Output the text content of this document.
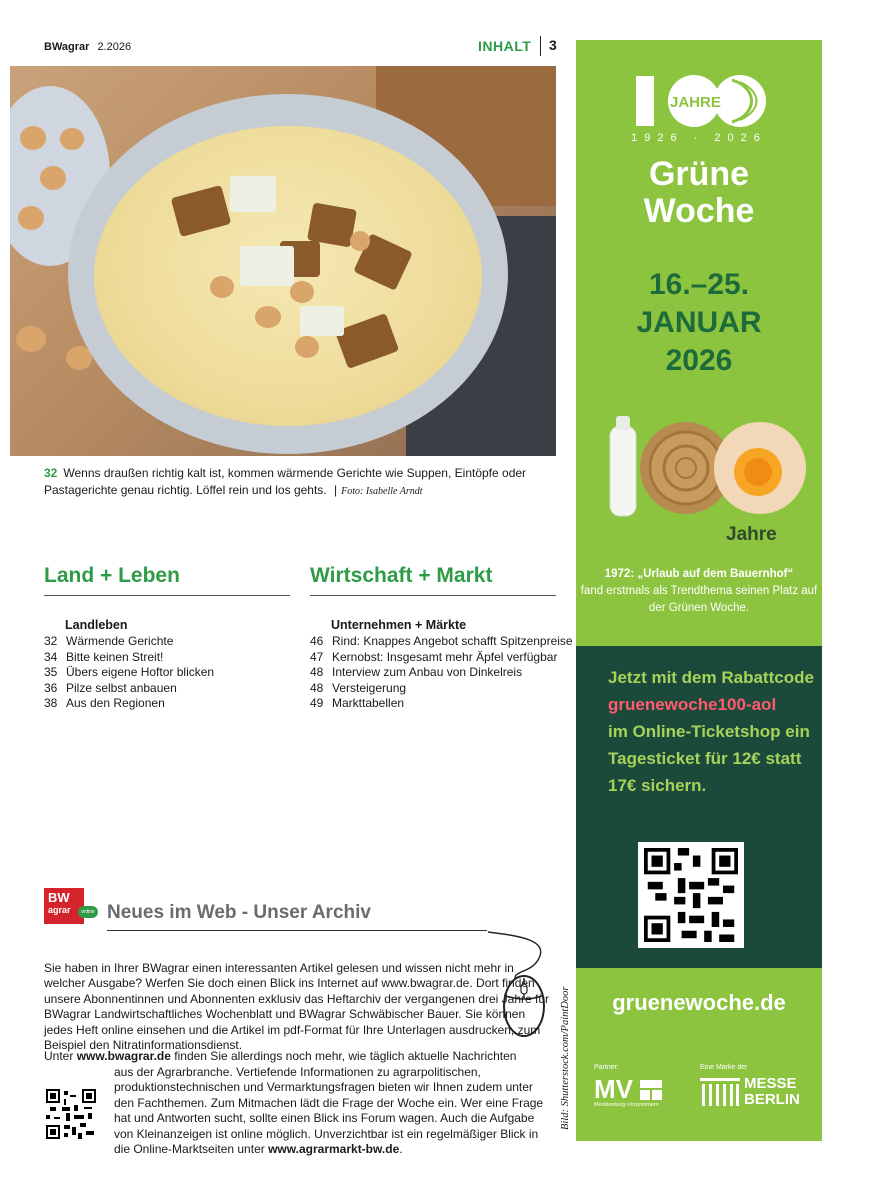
BWagrar 2.2026	INHALT 3
32 Wenns draußen richtig kalt ist, kommen wärmende Gerichte wie Suppen, Eintöpfe oder Pastagerichte genau richtig. Löffel rein und los gehts. | Foto: Isabelle Arndt
Land + Leben
Landleben
32 Wärmende Gerichte
34 Bitte keinen Streit!
35 Übers eigene Hoftor blicken
36 Pilze selbst anbauen
38 Aus den Regionen
Wirtschaft + Markt
Unternehmen + Märkte
46 Rind: Knappes Angebot schafft Spitzenpreise
47 Kernobst: Insgesamt mehr Äpfel verfügbar
48 Interview zum Anbau von Dinkelreis
48 Versteigerung
49 Markttabellen
BW
agrar	online Neues im Web - Unser Archiv
Sie haben in Ihrer BWagrar einen interessanten Artikel gelesen und wissen nicht mehr in welcher Ausgabe? Werfen Sie doch einen Blick ins Internet auf www.bwagrar.de. Dort finden unsere Abonnentinnen und Abonnenten exklusiv das Heftarchiv der vergangenen drei Jahre für BWagrar Landwirtschaftliches Wochenblatt und BWagrar Schwäbischer Bauer. Sie können jedes Heft online einsehen und die Artikel im pdf-Format für Ihre Unterlagen ausdrucken, zum Beispiel den Nitratinformationsdienst.
Unter www.bwagrar.de finden Sie allerdings noch mehr, wie täglich aktuelle Nachrichten
aus der Agrarbranche. Vertiefende Informationen zu agrarpolitischen, produktionstechnischen und Vermarktungsfragen bieten wir Ihnen zudem unter den Fachthemen. Zum Mitmachen lädt die Frage der Woche ein. Wer eine Frage hat und Antworten sucht, sollte einen Blick ins Forum wagen. Auch die Aufgabe von Kleinanzeigen ist online möglich. Unverzichtbar ist ein regelmäßiger Blick in die Online-Marktseiten unter www.agrarmarkt-bw.de.
Bild: Shutterstock.com/PaintDoor
JAHRE
1926 · 2026
Grüne
Woche
16.–25.
JANUAR
2026
Jahre
1972: „Urlaub auf dem Bauernhof“
fand erstmals als Trendthema seinen Platz auf der Grünen Woche.
Jetzt mit dem Rabattcode
gruenewoche100-aol
im Online-Ticketshop ein Tagesticket für 12€ statt 17€ sichern.
gruenewoche.de
Partner:
MV
Mecklenburg-Vorpommern
Eine Marke der
MESSE
BERLIN
